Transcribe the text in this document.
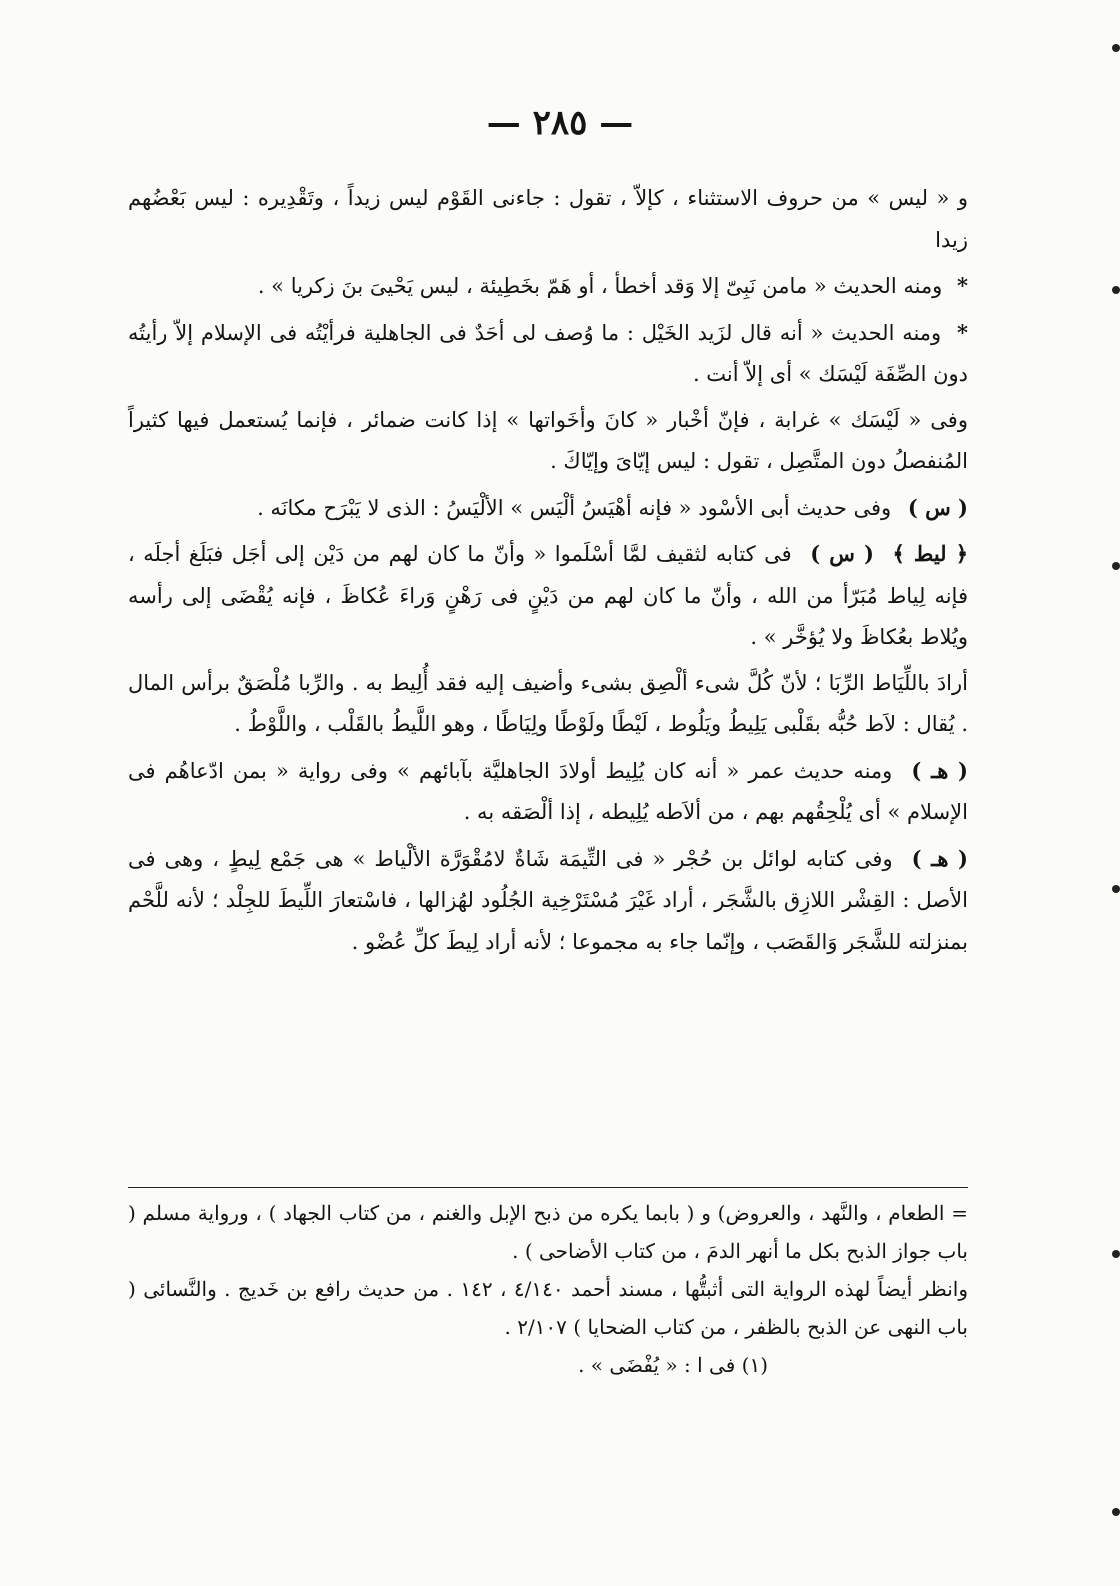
— ٢٨٥ —

و « ليس » من حروف الاستثناء ، كإلاّ ، تقول : جاءنى القَوْم ليس زيداً ، وتَقْدِيره : ليس بَعْضُهم زيدا

* ومنه الحديث « مامن نَبِىّ إلا وَقد أخطأ ، أو هَمّ بخَطِيئة ، ليس يَحْيىَ بنَ زكريا » .

* ومنه الحديث « أنه قال لزَيد الخَيْل : ما وُصف لى أحَدٌ فى الجاهلية فرأيْتُه فى الإسلام إلاّ رأيتُه دون الصِّفَة لَيْسَك » أى إلاّ أنت .

وفى « لَيْسَك » غرابة ، فإنّ أخْبار « كانَ وأخَواتها » إذا كانت ضمائر ، فإنما يُستعمل فيها كثيراً المُنفصلُ دون المتَّصِل ، تقول : ليس إيّاىَ وإيّاكَ .

( س ) وفى حديث أبى الأسْود « فإنه أهْيَسُ ألْيَس » الألْيَسُ : الذى لا يَبْرَح مكانَه .

﴿ ليط ﴾ ( س ) فى كتابه لثقيف لمَّا أسْلَموا « وأنّ ما كان لهم من دَيْن إلى أجَل فبَلَغ أجلَه ، فإنه لِياط مُبَرّأ من الله ، وأنّ ما كان لهم من دَيْنٍ فى رَهْنٍ وَراءَ عُكاظَ ، فإنه يُقْضَى إلى رأسه ويُلاط بعُكاظَ ولا يُؤخَّر » .

أرادَ باللِّيَاط الرِّبَا ؛ لأنّ كُلَّ شىء ألْصِق بشىء وأضيف إليه فقد أُلِيط به . والرِّبا مُلْصَقٌ برأس المال . يُقال : لاَط حُبُّه بقَلْبى يَلِيطُ ويَلُوط ، لَيْطًا ولَوْطًا ولِيَاطًا ، وهو اللَّيطُ بالقَلْب ، واللَّوْطُ .

( هـ ) ومنه حديث عمر « أنه كان يُلِيط أولادَ الجاهليَّة بآبائهم » وفى رواية « بمن ادّعاهُم فى الإسلام » أى يُلْحِقُهم بهم ، من ألاَطه يُلِيطه ، إذا ألْصَقه به .

( هـ ) وفى كتابه لوائل بن حُجْر « فى التِّيمَة شَاةٌ لامُقْوَرَّة الألْياط » هى جَمْع لِيطٍ ، وهى فى الأصل : القِشْر اللازِق بالشَّجَر ، أراد غَيْرَ مُسْتَرْخِية الجُلُود لهُزالها ، فاسْتعارَ اللِّيطَ للجِلْد ؛ لأنه للَّحْم بمنزلته للشَّجَر وَالقَصَب ، وإنّما جاء به مجموعا ؛ لأنه أراد لِيطَ كلِّ عُضْو .

= الطعام ، والنَّهد ، والعروض) و ( بابما يكره من ذبح الإبل والغنم ، من كتاب الجهاد ) ، ورواية مسلم ( باب جواز الذبح بكل ما أنهر الدمَ ، من كتاب الأضاحى ) .

وانظر أيضاً لهذه الرواية التى أثبتُّها ، مسند أحمد ٤/١٤٠ ، ١٤٢ . من حديث رافع بن خَديج . والنَّسائى ( باب النهى عن الذبح بالظفر ، من كتاب الضحايا ) ٢/١٠٧ .

(١) فى ا : « يُفْضَى » .
